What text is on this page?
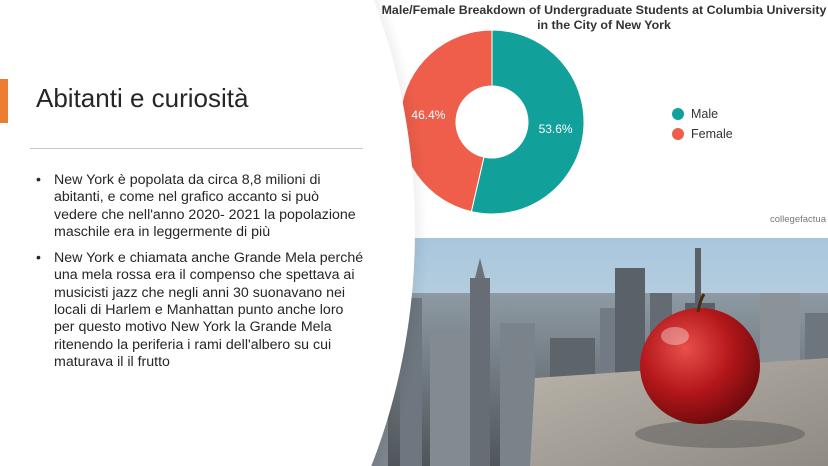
Male/Female Breakdown of Undergraduate Students at Columbia University in the City of New York
53.6%
46.4%	Male
Female
collegefactua
Abitanti e curiosità
• New York è popolata da circa 8,8 milioni di abitanti, e come nel grafico accanto si può vedere che nell'anno 2020- 2021 la popolazione maschile era in leggermente di più
• New York e chiamata anche Grande Mela perché una mela rossa era il compenso che spettava ai musicisti jazz che negli anni 30 suonavano nei locali di Harlem e Manhattan punto anche loro per questo motivo New York la Grande Mela ritenendo la periferia i rami dell'albero su cui maturava il il frutto
